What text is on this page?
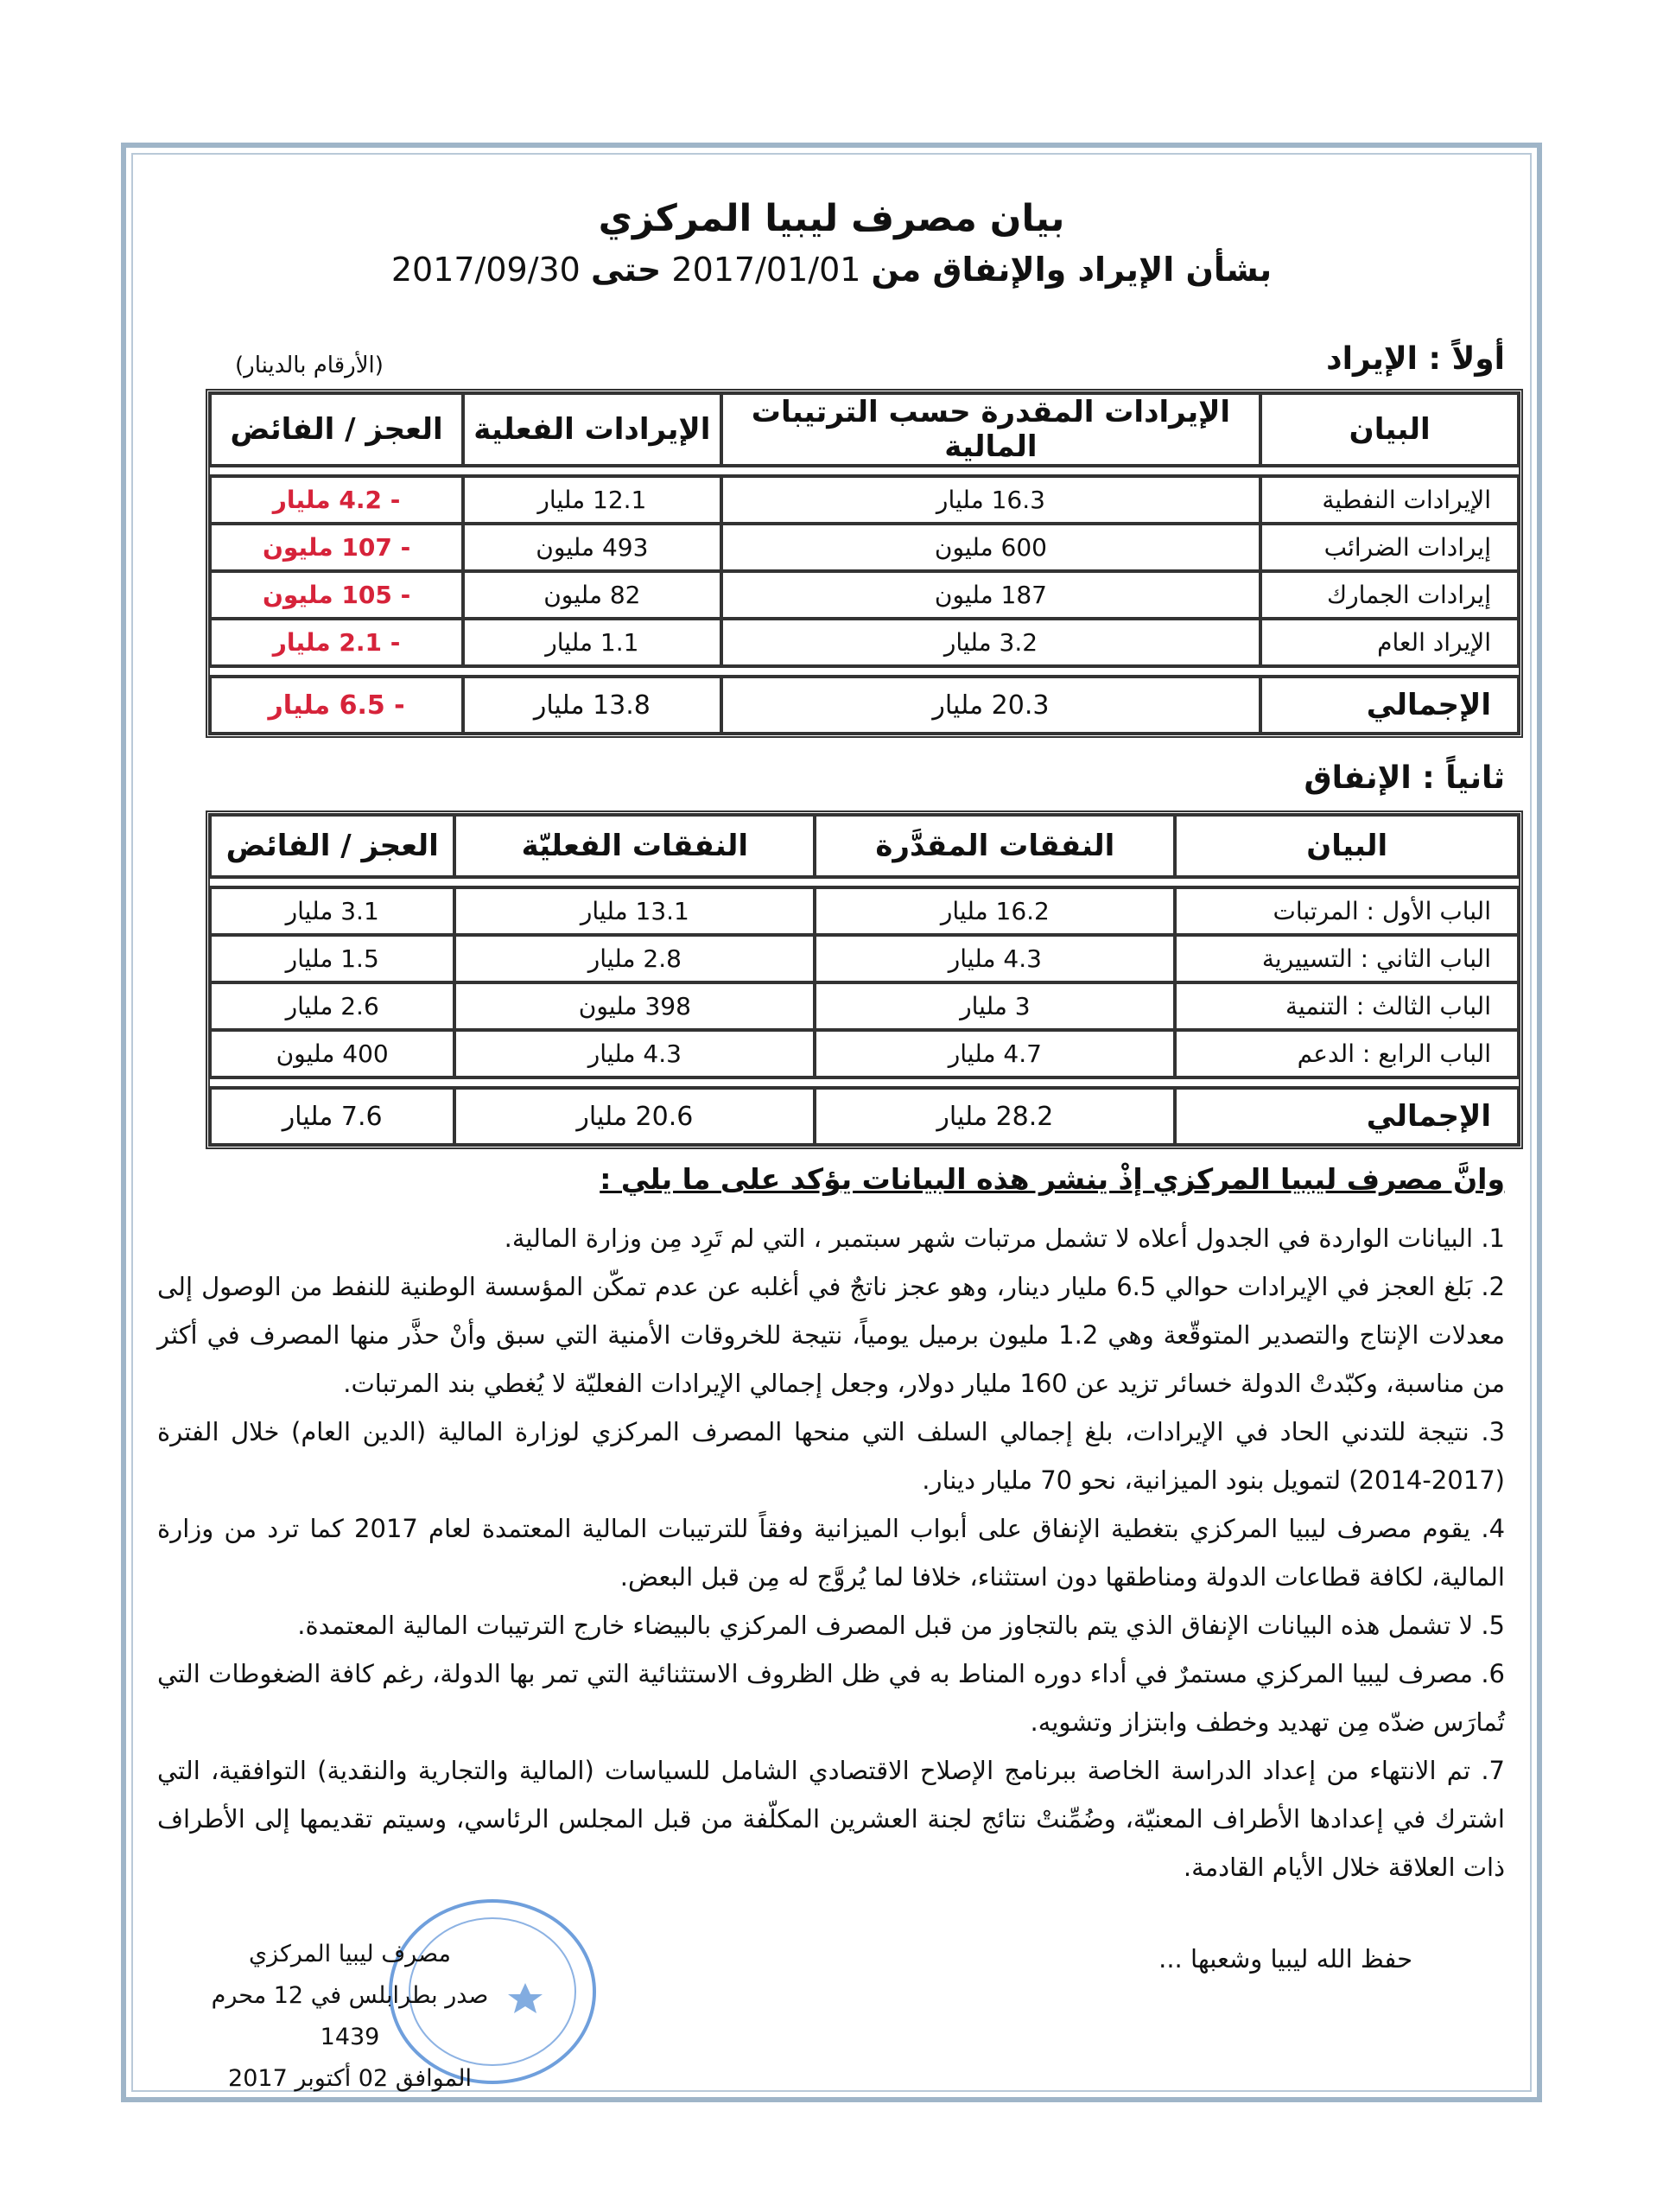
بيان مصرف ليبيا المركزي
بشأن الإيراد والإنفاق من 2017/01/01 حتى 2017/09/30
أولاً : الإيراد
(الأرقام بالدينار)
البيان	الإيرادات المقدرة حسب الترتيبات المالية	الإيرادات الفعلية	العجز / الفائض

الإيرادات النفطية	16.3 مليار	12.1 مليار	- 4.2 مليار
إيرادات الضرائب	600 مليون	493 مليون	- 107 مليون
إيرادات الجمارك	187 مليون	82 مليون	- 105 مليون
الإيراد العام	3.2 مليار	1.1 مليار	- 2.1 مليار

الإجمالي	20.3 مليار	13.8 مليار	- 6.5 مليار
ثانياً : الإنفاق
البيان	النفقات المقدَّرة	النفقات الفعليّة	العجز / الفائض

الباب الأول : المرتبات	16.2 مليار	13.1 مليار	3.1 مليار
الباب الثاني : التسييرية	4.3 مليار	2.8 مليار	1.5 مليار
الباب الثالث : التنمية	3 مليار	398 مليون	2.6 مليار
الباب الرابع : الدعم	4.7 مليار	4.3 مليار	400 مليون

الإجمالي	28.2 مليار	20.6 مليار	7.6 مليار
وانَّ مصرف ليبيا المركزي إذْ ينشر هذه البيانات يؤكد على ما يلي :
1. البيانات الواردة في الجدول أعلاه لا تشمل مرتبات شهر سبتمبر ، التي لم تَرِد مِن وزارة المالية.
2. بَلغ العجز في الإيرادات حوالي 6.5 مليار دينار، وهو عجز ناتجٌ في أغلبه عن عدم تمكّن المؤسسة الوطنية للنفط من الوصول إلى معدلات الإنتاج والتصدير المتوقّعة وهي 1.2 مليون برميل يومياً، نتيجة للخروقات الأمنية التي سبق وأنْ حذَّر منها المصرف في أكثر من مناسبة، وكبّدتْ الدولة خسائر تزيد عن 160 مليار دولار، وجعل إجمالي الإيرادات الفعليّة لا يُغطي بند المرتبات.
3. نتيجة للتدني الحاد في الإيرادات، بلغ إجمالي السلف التي منحها المصرف المركزي لوزارة المالية (الدين العام) خلال الفترة (2017-2014) لتمويل بنود الميزانية، نحو 70 مليار دينار.
4. يقوم مصرف ليبيا المركزي بتغطية الإنفاق على أبواب الميزانية وفقاً للترتيبات المالية المعتمدة لعام 2017 كما ترد من وزارة المالية، لكافة قطاعات الدولة ومناطقها دون استثناء، خلافا لما يُروَّج له مِن قبل البعض.
5. لا تشمل هذه البيانات الإنفاق الذي يتم بالتجاوز من قبل المصرف المركزي بالبيضاء خارج الترتيبات المالية المعتمدة.
6. مصرف ليبيا المركزي مستمرٌ في أداء دوره المناط به في ظل الظروف الاستثنائية التي تمر بها الدولة، رغم كافة الضغوطات التي تُمارَس ضدّه مِن تهديد وخطف وابتزاز وتشويه.
7. تم الانتهاء من إعداد الدراسة الخاصة ببرنامج الإصلاح الاقتصادي الشامل للسياسات (المالية والتجارية والنقدية) التوافقية، التي اشترك في إعدادها الأطراف المعنيّة، وضُمِّنتْ نتائج لجنة العشرين المكلّفة من قبل المجلس الرئاسي، وسيتم تقديمها إلى الأطراف ذات العلاقة خلال الأيام القادمة.
حفظ الله ليبيا وشعبها ...
مصرف ليبيا المركزي
صدر بطرابلس في 12 محرم 1439
الموافق 02 أكتوبر 2017
